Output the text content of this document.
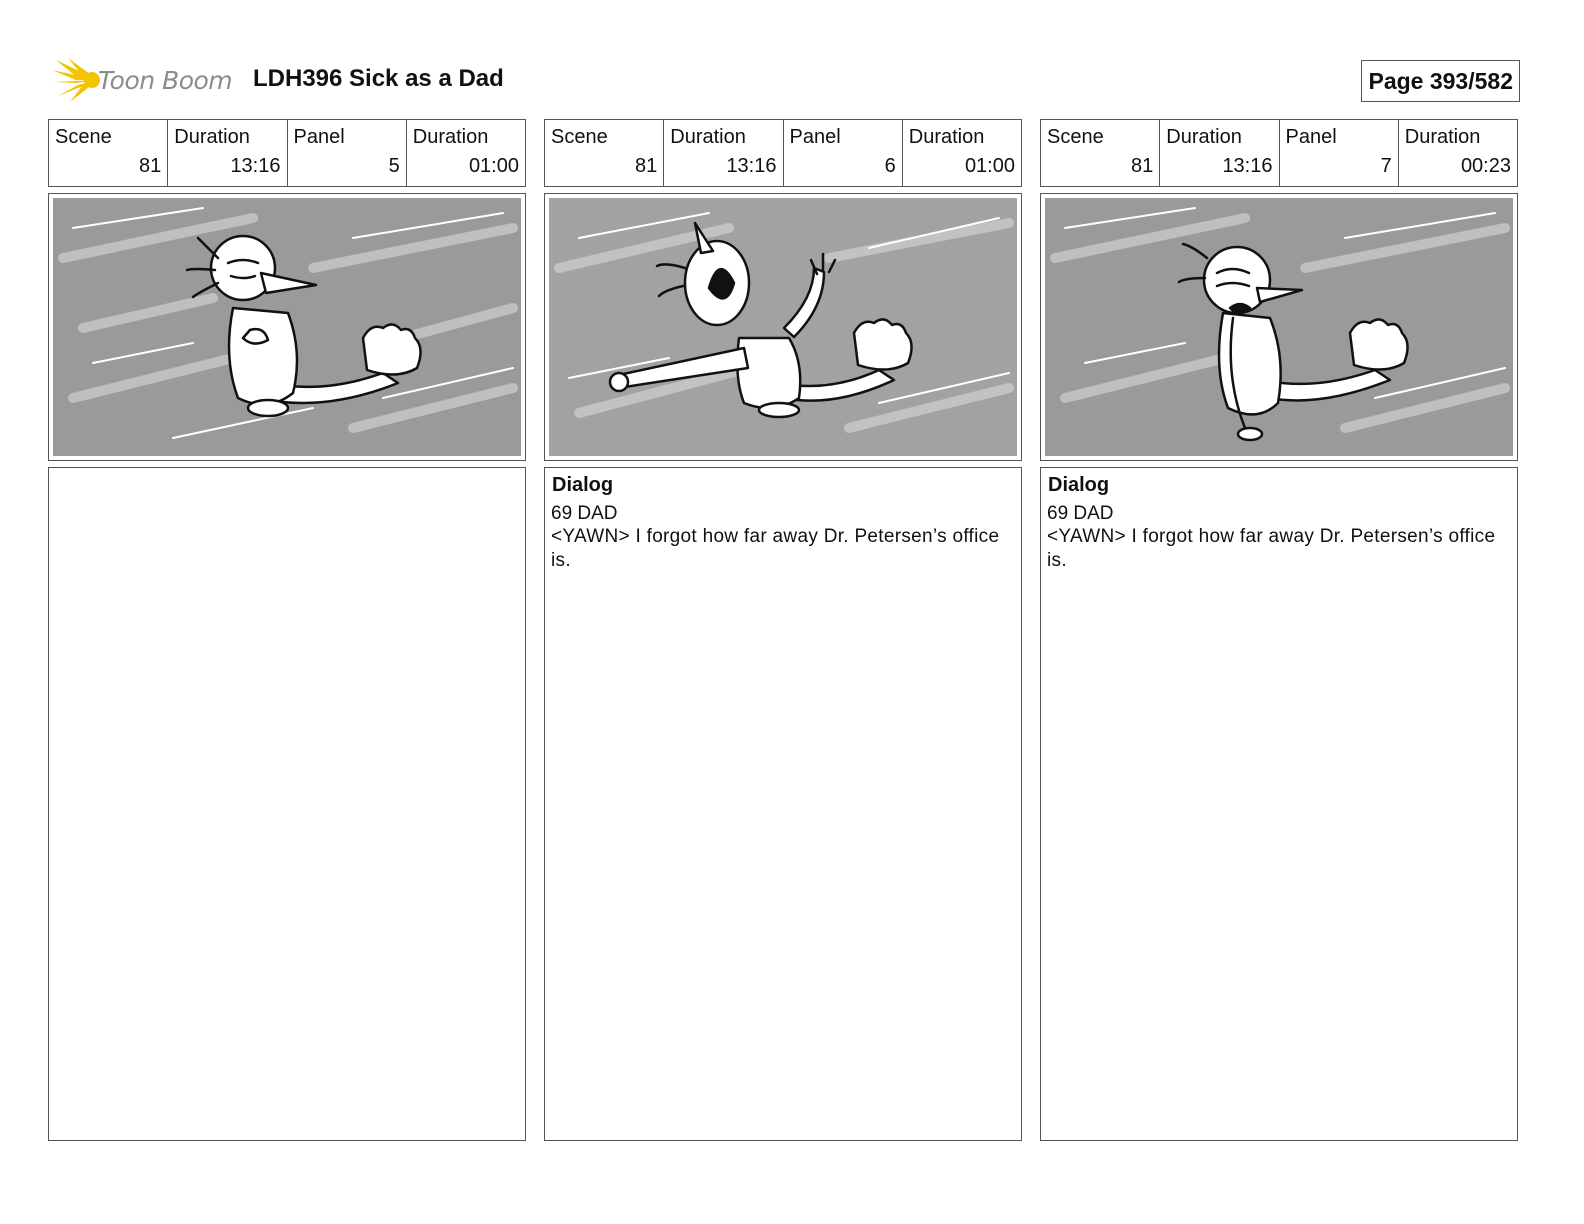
Toon Boom LDH396 Sick as a Dad	Page 393/582
Scene
81
Duration
13:16
Panel
5
Duration
01:00
Scene
81
Duration
13:16
Panel
6
Duration
01:00
Dialog
69 DAD
<YAWN> I forgot how far away Dr. Petersen’s office is.
Scene
81
Duration
13:16
Panel
7
Duration
00:23
Dialog
69 DAD
<YAWN> I forgot how far away Dr. Petersen’s office is.
